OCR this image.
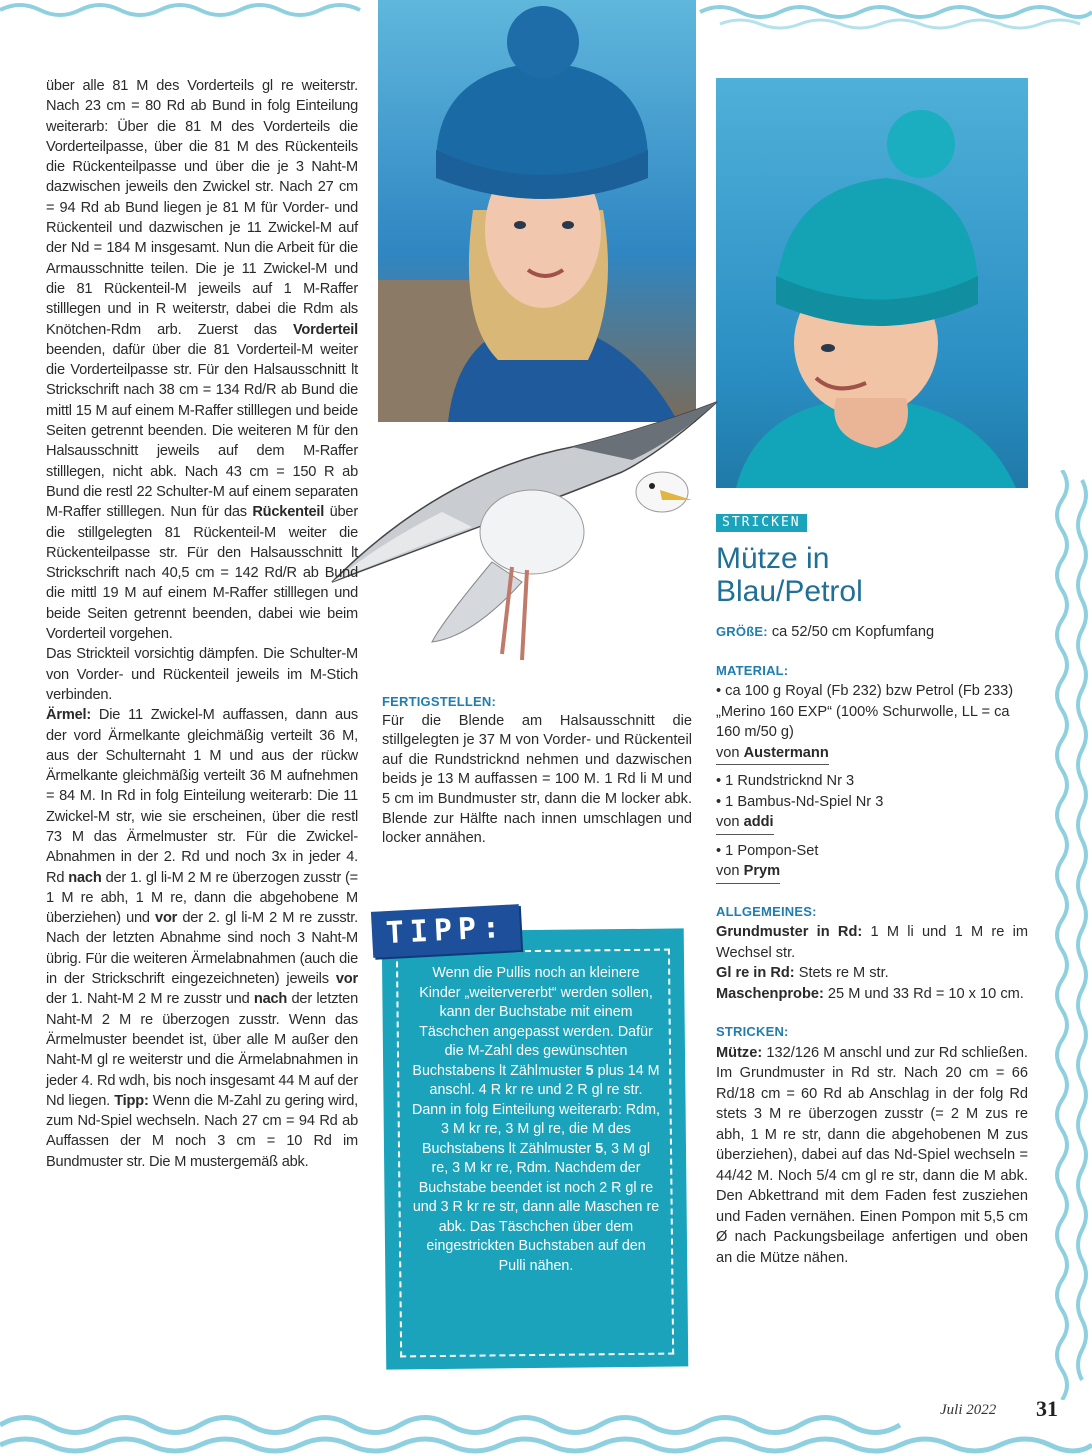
über alle 81 M des Vorderteils gl re weiterstr. Nach 23 cm = 80 Rd ab Bund in folg Einteilung weiterarb: Über die 81 M des Vorderteils die Vorderteilpasse, über die 81 M des Rückenteils die Rückenteilpasse und über die je 3 Naht-M dazwischen jeweils den Zwickel str. Nach 27 cm = 94 Rd ab Bund liegen je 81 M für Vorder- und Rückenteil und dazwischen je 11 Zwickel-M auf der Nd = 184 M insgesamt. Nun die Arbeit für die Armausschnitte teilen. Die je 11 Zwickel-M und die 81 Rückenteil-M jeweils auf 1 M-Raffer stilllegen und in R weiterstr, dabei die Rdm als Knötchen-Rdm arb. Zuerst das Vorderteil beenden, dafür über die 81 Vorderteil-M weiter die Vorderteilpasse str. Für den Halsausschnitt lt Strickschrift nach 38 cm = 134 Rd/R ab Bund die mittl 15 M auf einem M-Raffer stilllegen und beide Seiten getrennt beenden. Die weiteren M für den Halsausschnitt jeweils auf dem M-Raffer stilllegen, nicht abk. Nach 43 cm = 150 R ab Bund die restl 22 Schulter-M auf einem separaten M-Raffer stilllegen. Nun für das Rückenteil über die stillgelegten 81 Rückenteil-M weiter die Rückenteilpasse str. Für den Halsausschnitt lt Strickschrift nach 40,5 cm = 142 Rd/R ab Bund die mittl 19 M auf einem M-Raffer stilllegen und beide Seiten getrennt beenden, dabei wie beim Vorderteil vorgehen.

Das Strickteil vorsichtig dämpfen. Die Schulter-M von Vorder- und Rückenteil jeweils im M-Stich verbinden.

Ärmel: Die 11 Zwickel-M auffassen, dann aus der vord Ärmelkante gleichmäßig verteilt 36 M, aus der Schulternaht 1 M und aus der rückw Ärmelkante gleichmäßig verteilt 36 M aufnehmen = 84 M. In Rd in folg Einteilung weiterarb: Die 11 Zwickel-M str, wie sie erscheinen, über die restl 73 M das Ärmelmuster str. Für die Zwickel-Abnahmen in der 2. Rd und noch 3x in jeder 4. Rd nach der 1. gl li-M 2 M re überzogen zusstr (= 1 M re abh, 1 M re, dann die abgehobene M überziehen) und vor der 2. gl li-M 2 M re zusstr. Nach der letzten Abnahme sind noch 3 Naht-M übrig. Für die weiteren Ärmelabnahmen (auch die in der Strickschrift eingezeichneten) jeweils vor der 1. Naht-M 2 M re zusstr und nach der letzten Naht-M 2 M re überzogen zusstr. Wenn das Ärmelmuster beendet ist, über alle M außer den Naht-M gl re weiterstr und die Ärmelabnahmen in jeder 4. Rd wdh, bis noch insgesamt 44 M auf der Nd liegen. Tipp: Wenn die M-Zahl zu gering wird, zum Nd-Spiel wechseln. Nach 27 cm = 94 Rd ab Auffassen der M noch 3 cm = 10 Rd im Bundmuster str. Die M mustergemäß abk.

FERTIGSTELLEN:

Für die Blende am Halsausschnitt die stillgelegten je 37 M von Vorder- und Rückenteil auf die Rundstricknd nehmen und dazwischen beids je 13 M auffassen = 100 M. 1 Rd li M und 5 cm im Bundmuster str, dann die M locker abk. Blende zur Hälfte nach innen umschlagen und locker annähen.

TIPP:
Wenn die Pullis noch an kleinere Kinder „weitervererbt“ werden sollen, kann der Buchstabe mit einem Täschchen angepasst werden. Dafür die M-Zahl des gewünschten Buchstabens lt Zählmuster 5 plus 14 M anschl. 4 R kr re und 2 R gl re str. Dann in folg Einteilung weiterarb: Rdm, 3 M kr re, 3 M gl re, die M des Buchstabens lt Zählmuster 5, 3 M gl re, 3 M kr re, Rdm. Nachdem der Buchstabe beendet ist noch 2 R gl re und 3 R kr re str, dann alle Maschen re abk. Das Täschchen über dem eingestrickten Buchstaben auf den Pulli nähen.
STRICKEN
Mütze in
Blau/Petrol

GRÖßE: ca 52/50 cm Kopfumfang

MATERIAL:

• ca 100 g Royal (Fb 232) bzw Petrol (Fb 233) „Merino 160 EXP“ (100% Schurwolle, LL = ca 160 m/50 g)

von Austermann

• 1 Rundstricknd Nr 3

• 1 Bambus-Nd-Spiel Nr 3

von addi

• 1 Pompon-Set

von Prym

ALLGEMEINES:

Grundmuster in Rd: 1 M li und 1 M re im Wechsel str.

Gl re in Rd: Stets re M str.

Maschenprobe: 25 M und 33 Rd = 10 x 10 cm.

STRICKEN:

Mütze: 132/126 M anschl und zur Rd schließen. Im Grundmuster in Rd str. Nach 20 cm = 66 Rd/18 cm = 60 Rd ab Anschlag in der folg Rd stets 3 M re überzogen zusstr (= 2 M zus re abh, 1 M re str, dann die abgehobenen M zus überziehen), dabei auf das Nd-Spiel wechseln = 44/42 M. Noch 5/4 cm gl re str, dann die M abk. Den Abkettrand mit dem Faden fest zusziehen und Faden vernähen. Einen Pompon mit 5,5 cm Ø nach Packungsbeilage anfertigen und oben an die Mütze nähen.

Juli 2022 31
